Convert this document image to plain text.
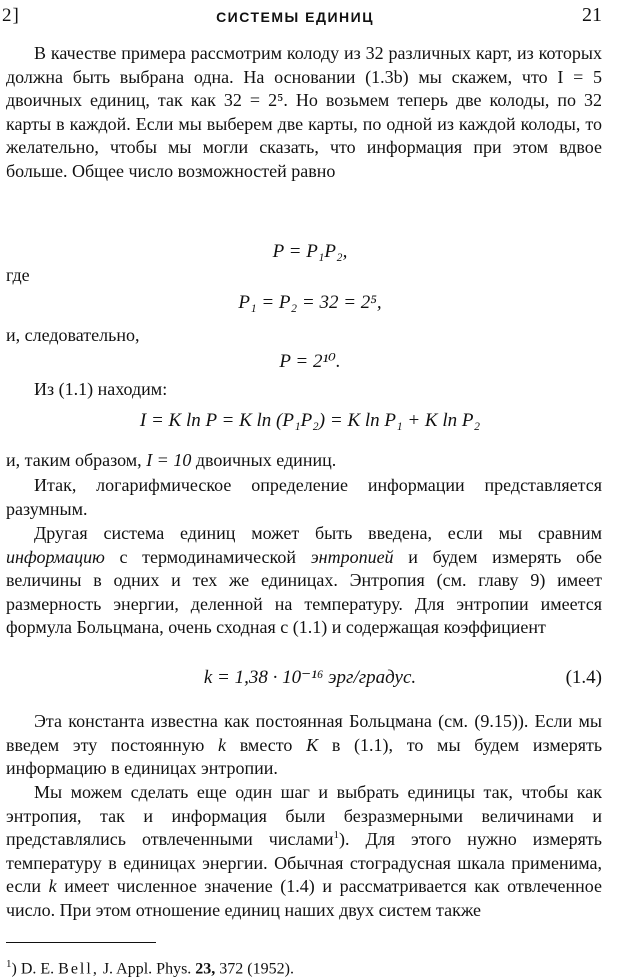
2]	СИСТЕМЫ ЕДИНИЦ	21

В качестве примера рассмотрим колоду из 32 различных карт, из которых должна быть выбрана одна. На основании (1.3b) мы скажем, что I = 5 двоичных единиц, так как 32 = 2⁵. Но возьмем теперь две колоды, по 32 карты в каждой. Если мы выберем две карты, по одной из каждой колоды, то желательно, чтобы мы могли сказать, что информация при этом вдвое больше. Общее число возможностей равно

P = P₁P₂,

где

P₁ = P₂ = 32 = 2⁵,

и, следовательно,

P = 2¹⁰.

Из (1.1) находим:

I = K ln P = K ln (P₁P₂) = K ln P₁ + K ln P₂

и, таким образом, I = 10 двоичных единиц.

Итак, логарифмическое определение информации представляется разумным.

Другая система единиц может быть введена, если мы сравним информацию с термодинамической энтропией и будем измерять обе величины в одних и тех же единицах. Энтропия (см. главу 9) имеет размерность энергии, деленной на температуру. Для энтропии имеется формула Больцмана, очень сходная с (1.1) и содержащая коэффициент

k = 1,38 · 10⁻¹⁶ эрг/градус.	(1.4)

Эта константа известна как постоянная Больцмана (см. (9.15)). Если мы введем эту постоянную k вместо K в (1.1), то мы будем измерять информацию в единицах энтропии.

Мы можем сделать еще один шаг и выбрать единицы так, чтобы как энтропия, так и информация были безразмерными величинами и представлялись отвлеченными числами$^1$). Для этого нужно измерять температуру в единицах энергии. Обычная стоградусная шкала применима, если k имеет численное значение (1.4) и рассматривается как отвлеченное число. При этом отношение единиц наших двух систем также

$^1$) D. E. Bell, J. Appl. Phys. 23, 372 (1952).
